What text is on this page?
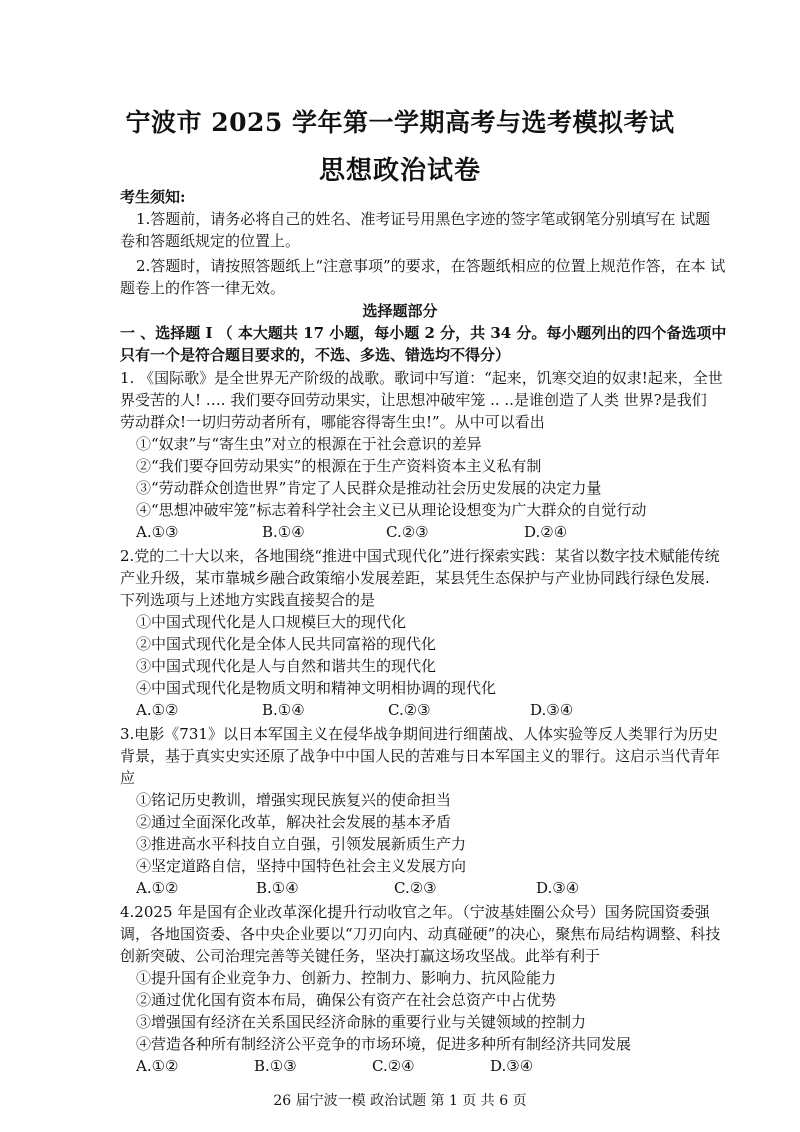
宁波市 2025 学年第一学期高考与选考模拟考试
思想政治试卷
考生须知:
1.答题前，请务必将自己的姓名、准考证号用黑色字迹的签字笔或钢笔分别填写在 试题
卷和答题纸规定的位置上。
2.答题时，请按照答题纸上“注意事项”的要求，在答题纸相应的位置上规范作答，在本 试
题卷上的作答一律无效。
选择题部分
一 、选择题 I （ 本大题共 17 小题，每小题 2 分，共 34 分。每小题列出的四个备选项中
只有一个是符合题目要求的，不选、多选、错选均不得分）
1. 《国际歌》是全世界无产阶级的战歌。歌词中写道：“起来，饥寒交迫的奴隶!起来，全世
界受苦的人! …. 我们要夺回劳动果实，让思想冲破牢笼 .. ..是谁创造了人类 世界?是我们
劳动群众!一切归劳动者所有，哪能容得寄生虫!”。从中可以看出
①“奴隶”与“寄生虫”对立的根源在于社会意识的差异
②“我们要夺回劳动果实”的根源在于生产资料资本主义私有制
③“劳动群众创造世界”肯定了人民群众是推动社会历史发展的决定力量
④“思想冲破牢笼”标志着科学社会主义已从理论设想变为广大群众的自觉行动
A.①③	B.①④	C.②③	D.②④
2.党的二十大以来，各地围绕“推进中国式现代化”进行探索实践：某省以数字技术赋能传统
产业升级，某市靠城乡融合政策缩小发展差距，某县凭生态保护与产业协同践行绿色发展.
下列选项与上述地方实践直接契合的是
①中国式现代化是人口规模巨大的现代化
②中国式现代化是全体人民共同富裕的现代化
③中国式现代化是人与自然和谐共生的现代化
④中国式现代化是物质文明和精神文明相协调的现代化
A.①②	B.①④	C.②③	D.③④
3.电影《731》以日本军国主义在侵华战争期间进行细菌战、人体实验等反人类罪行为历史
背景，基于真实史实还原了战争中中国人民的苦难与日本军国主义的罪行。这启示当代青年
应
①铭记历史教训，增强实现民族复兴的使命担当
②通过全面深化改革，解决社会发展的基本矛盾
③推进高水平科技自立自强，引领发展新质生产力
④坚定道路自信，坚持中国特色社会主义发展方向
A.①②	B.①④	C.②③	D.③④
4.2025 年是国有企业改革深化提升行动收官之年。（宁波基娃圈公众号）国务院国资委强
调，各地国资委、各中央企业要以“刀刃向内、动真碰硬”的决心，聚焦布局结构调整、科技
创新突破、公司治理完善等关键任务，坚决打赢这场攻坚战。此举有利于
①提升国有企业竞争力、创新力、控制力、影响力、抗风险能力
②通过优化国有资本布局，确保公有资产在社会总资产中占优势
③增强国有经济在关系国民经济命脉的重要行业与关键领域的控制力
④营造各种所有制经济公平竞争的市场环境，促进多种所有制经济共同发展
A.①②	B.①③	C.②④	D.③④
26 届宁波一模 政治试题 第 1 页 共 6 页
